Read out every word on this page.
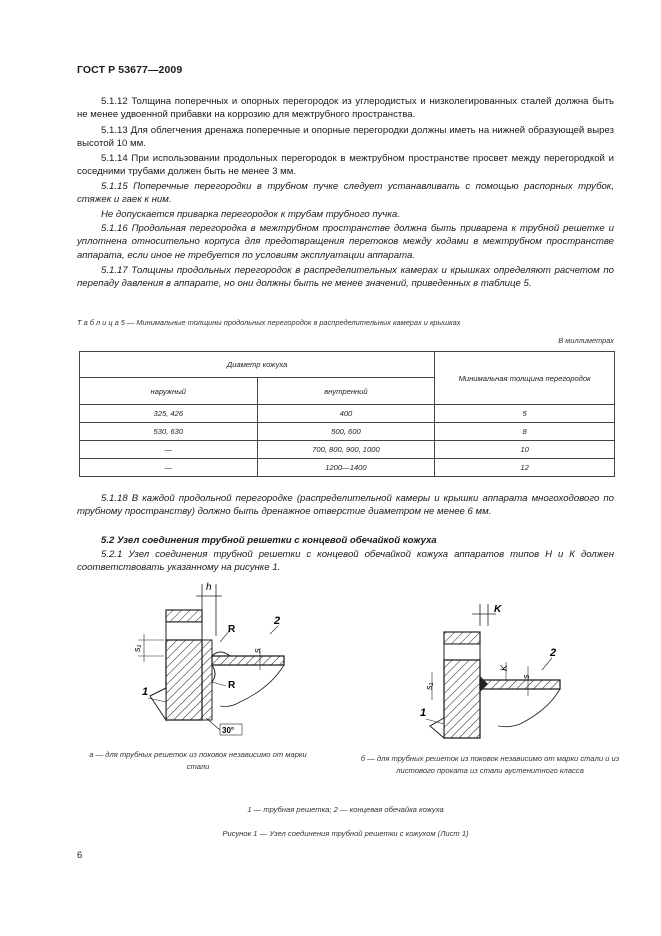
ГОСТ Р 53677—2009
5.1.12 Толщина поперечных и опорных перегородок из углеродистых и низколегированных сталей должна быть не менее удвоенной прибавки на коррозию для межтрубного пространства.
5.1.13 Для облегчения дренажа поперечные и опорные перегородки должны иметь на нижней образующей вырез высотой 10 мм.
5.1.14 При использовании продольных перегородок в межтрубном пространстве просвет между перегородкой и соседними трубами должен быть не менее 3 мм.
5.1.15 Поперечные перегородки в трубном пучке следует устанавливать с помощью распорных трубок, стяжек и гаек к ним.
Не допускается приварка перегородок к трубам трубного пучка.
5.1.16 Продольная перегородка в межтрубном пространстве должна быть приварена к трубной решетке и уплотнена относительно корпуса для предотвращения перетоков между ходами в межтрубном пространстве аппарата, если иное не требуется по условиям эксплуатации аппарата.
5.1.17 Толщины продольных перегородок в распределительных камерах и крышках определяют расчетом по перепаду давления в аппарате, но они должны быть не менее значений, приведенных в таблице 5.
Т а б л и ц а 5 — Минимальные толщины продольных перегородок в распределительных камерах и крышках
В миллиметрах
Диаметр кожуха		Минимальная толщина перегородок
наружный	внутренний	
325, 426	400	5
530, 630	500, 600	8
—	700, 800, 900, 1000	10
—	1200—1400	12
5.1.18 В каждой продольной перегородке (распределительной камеры и крышки аппарата многоходового по трубному пространству) должно быть дренажное отверстие диаметром не менее 6 мм.
5.2 Узел соединения трубной решетки с концевой обечайкой кожуха
5.2.1 Узел соединения трубной решетки с концевой обечайкой кожуха аппаратов типов Н и К должен соответствовать указанному на рисунке 1.
h
s₁	s
R
R
2
1
30°
K
s₁
K
s
2
1
а — для трубных решеток из поковок независимо от марки стали
б — для трубных решеток из поковок независимо от марки стали и из листового проката из стали аустенитного класса
1 — трубная решетка; 2 — концевая обечайка кожуха
Рисунок 1 — Узел соединения трубной решетки с кожухом (Лист 1)
6
